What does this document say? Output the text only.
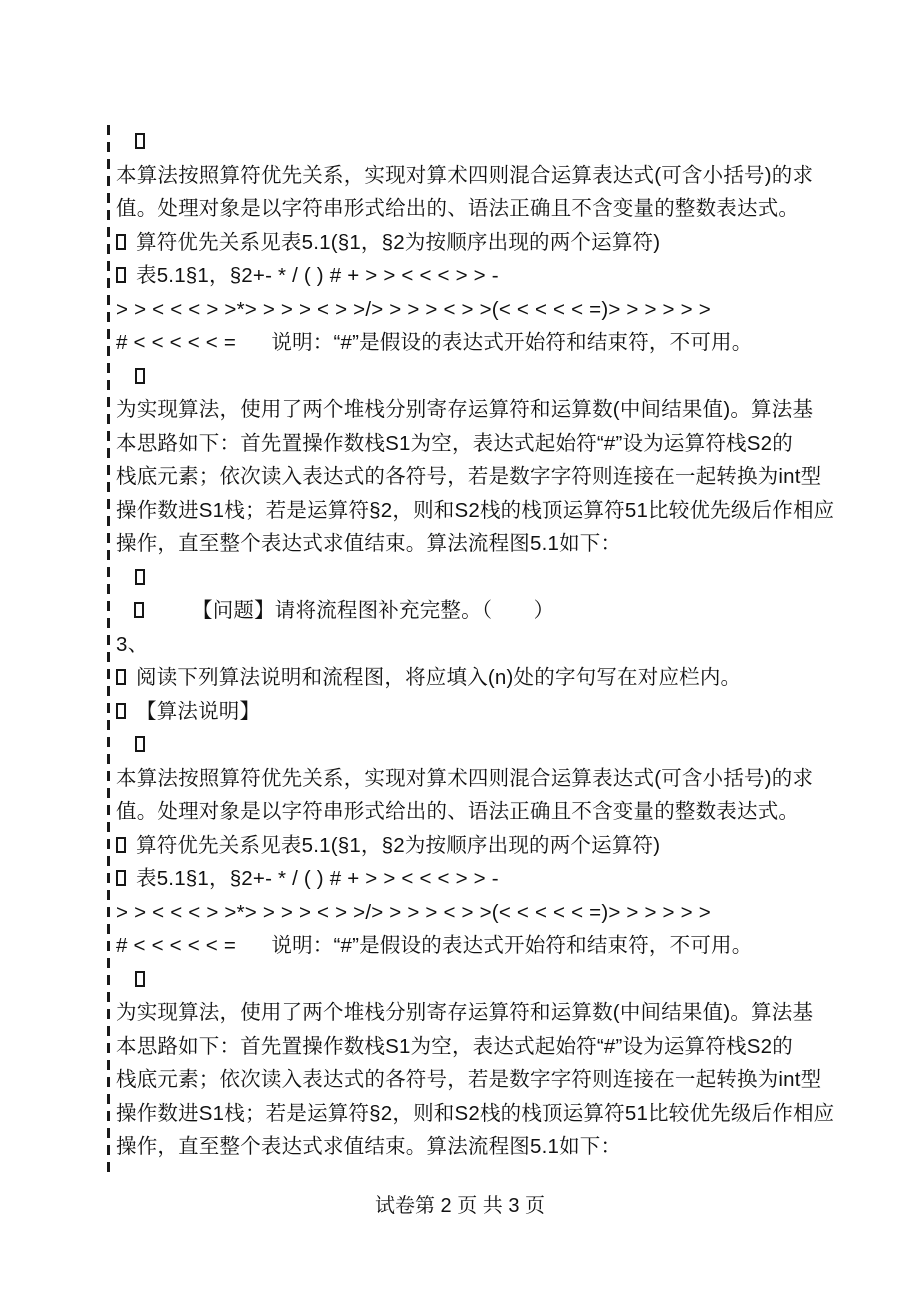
本算法按照算符优先关系，实现对算术四则混合运算表达式(可含小括号)的求
值。处理对象是以字符串形式给出的、语法正确且不含变量的整数表达式。
算符优先关系见表5.1(§1，§2为按顺序出现的两个运算符)
表5.1§1，§2+- * / ( ) # + > > < < < > > -
> > < < < > >*> > > > < > >/> > > > < > >(< < < < < =)> > > > > >
# < < < < < =      说明：“#”是假设的表达式开始符和结束符，不可用。
为实现算法，使用了两个堆栈分别寄存运算符和运算数(中间结果值)。算法基
本思路如下：首先置操作数栈S1为空，表达式起始符“#”设为运算符栈S2的
栈底元素；依次读入表达式的各符号，若是数字字符则连接在一起转换为int型
操作数进S1栈；若是运算符§2，则和S2栈的栈顶运算符51比较优先级后作相应
操作，直至整个表达式求值结束。算法流程图5.1如下：
【问题】请将流程图补充完整。（　　）
3、
阅读下列算法说明和流程图，将应填入(n)处的字句写在对应栏内。
【算法说明】
本算法按照算符优先关系，实现对算术四则混合运算表达式(可含小括号)的求
值。处理对象是以字符串形式给出的、语法正确且不含变量的整数表达式。
算符优先关系见表5.1(§1，§2为按顺序出现的两个运算符)
表5.1§1，§2+- * / ( ) # + > > < < < > > -
> > < < < > >*> > > > < > >/> > > > < > >(< < < < < =)> > > > > >
# < < < < < =      说明：“#”是假设的表达式开始符和结束符，不可用。
为实现算法，使用了两个堆栈分别寄存运算符和运算数(中间结果值)。算法基
本思路如下：首先置操作数栈S1为空，表达式起始符“#”设为运算符栈S2的
栈底元素；依次读入表达式的各符号，若是数字字符则连接在一起转换为int型
操作数进S1栈；若是运算符§2，则和S2栈的栈顶运算符51比较优先级后作相应
操作，直至整个表达式求值结束。算法流程图5.1如下：
试卷第 2 页 共 3 页
